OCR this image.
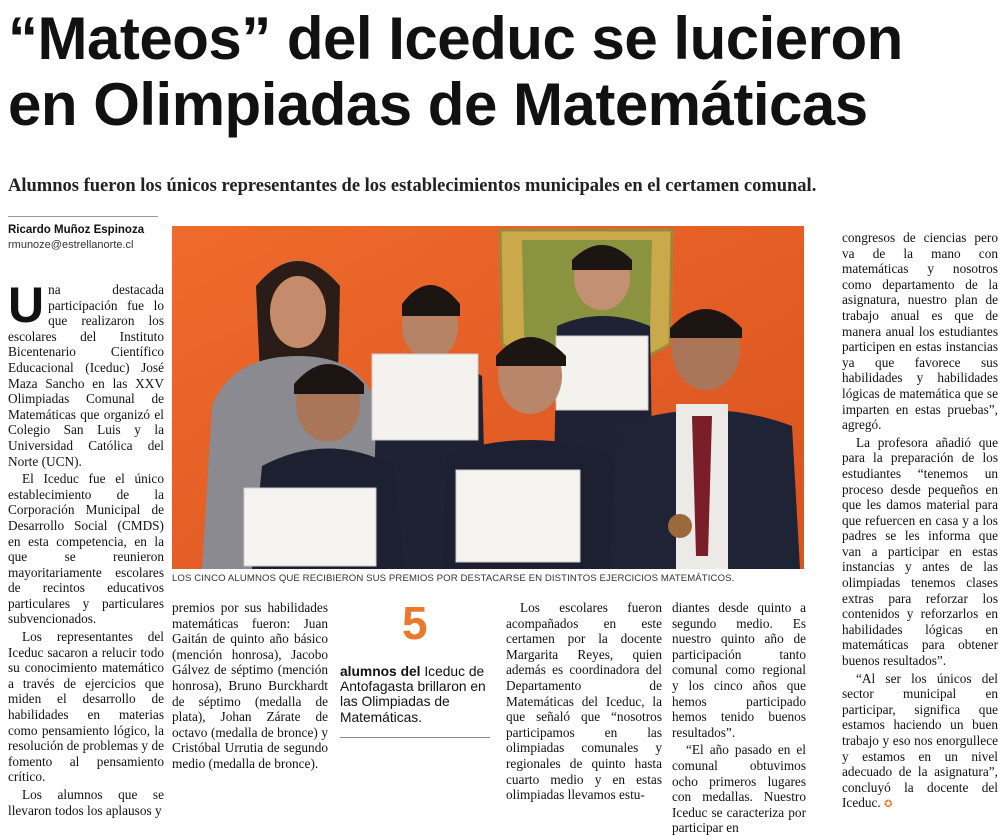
“Mateos” del Iceduc se lucieron
en Olimpiadas de Matemáticas
Alumnos fueron los únicos representantes de los establecimientos municipales en el certamen comunal.
Ricardo Muñoz Espinoza
rmunoze@estrellanorte.cl

Una destacada participación fue lo que realizaron los escolares del Instituto Bicentenario Científico Educacional (Iceduc) José Maza Sancho en las XXV Olimpiadas Comunal de Matemáticas que organizó el Colegio San Luis y la Universidad Católica del Norte (UCN).

El Iceduc fue el único establecimiento de la Corporación Municipal de Desarrollo Social (CMDS) en esta competencia, en la que se reunieron mayoritariamente escolares de recintos educativos particulares y particulares subvencionados.

Los representantes del Iceduc sacaron a relucir todo su conocimiento matemático a través de ejercicios que miden el desarrollo de habilidades en materias como pensamiento lógico, la resolución de problemas y de fomento al pensamiento crítico.

Los alumnos que se llevaron todos los aplausos y

LOS CINCO ALUMNOS QUE RECIBIERON SUS PREMIOS POR DESTACARSE EN DISTINTOS EJERCICIOS MATEMÁTICOS.

premios por sus habilidades matemáticas fueron: Juan Gaitán de quinto año básico (mención honrosa), Jacobo Gálvez de séptimo (mención honrosa), Bruno Burckhardt de séptimo (medalla de plata), Johan Zárate de octavo (medalla de bronce) y Cristóbal Urrutia de segundo medio (medalla de bronce).

5
alumnos del Iceduc de Antofagasta brillaron en las Olimpiadas de Matemáticas.

Los escolares fueron acompañados en este certamen por la docente Margarita Reyes, quien además es coordinadora del Departamento de Matemáticas del Iceduc, la que señaló que “nosotros participamos en las olimpiadas comunales y regionales de quinto hasta cuarto medio y en estas olimpiadas llevamos estu-

diantes desde quinto a segundo medio. Es nuestro quinto año de participación tanto comunal como regional y los cinco años que hemos participado hemos tenido buenos resultados”.

“El año pasado en el comunal obtuvimos ocho primeros lugares con medallas. Nuestro Iceduc se caracteriza por participar en

congresos de ciencias pero va de la mano con matemáticas y nosotros como departamento de la asignatura, nuestro plan de trabajo anual es que de manera anual los estudiantes participen en estas instancias ya que favorece sus habilidades y habilidades lógicas de matemática que se imparten en estas pruebas”, agregó.

La profesora añadió que para la preparación de los estudiantes “tenemos un proceso desde pequeños en que les damos material para que refuercen en casa y a los padres se les informa que van a participar en estas instancias y antes de las olimpiadas tenemos clases extras para reforzar los contenidos y reforzarlos en habilidades lógicas en matemáticas para obtener buenos resultados”.

“Al ser los únicos del sector municipal en participar, significa que estamos haciendo un buen trabajo y eso nos enorgullece y estamos en un nivel adecuado de la asignatura”, concluyó la docente del Iceduc. ✪
